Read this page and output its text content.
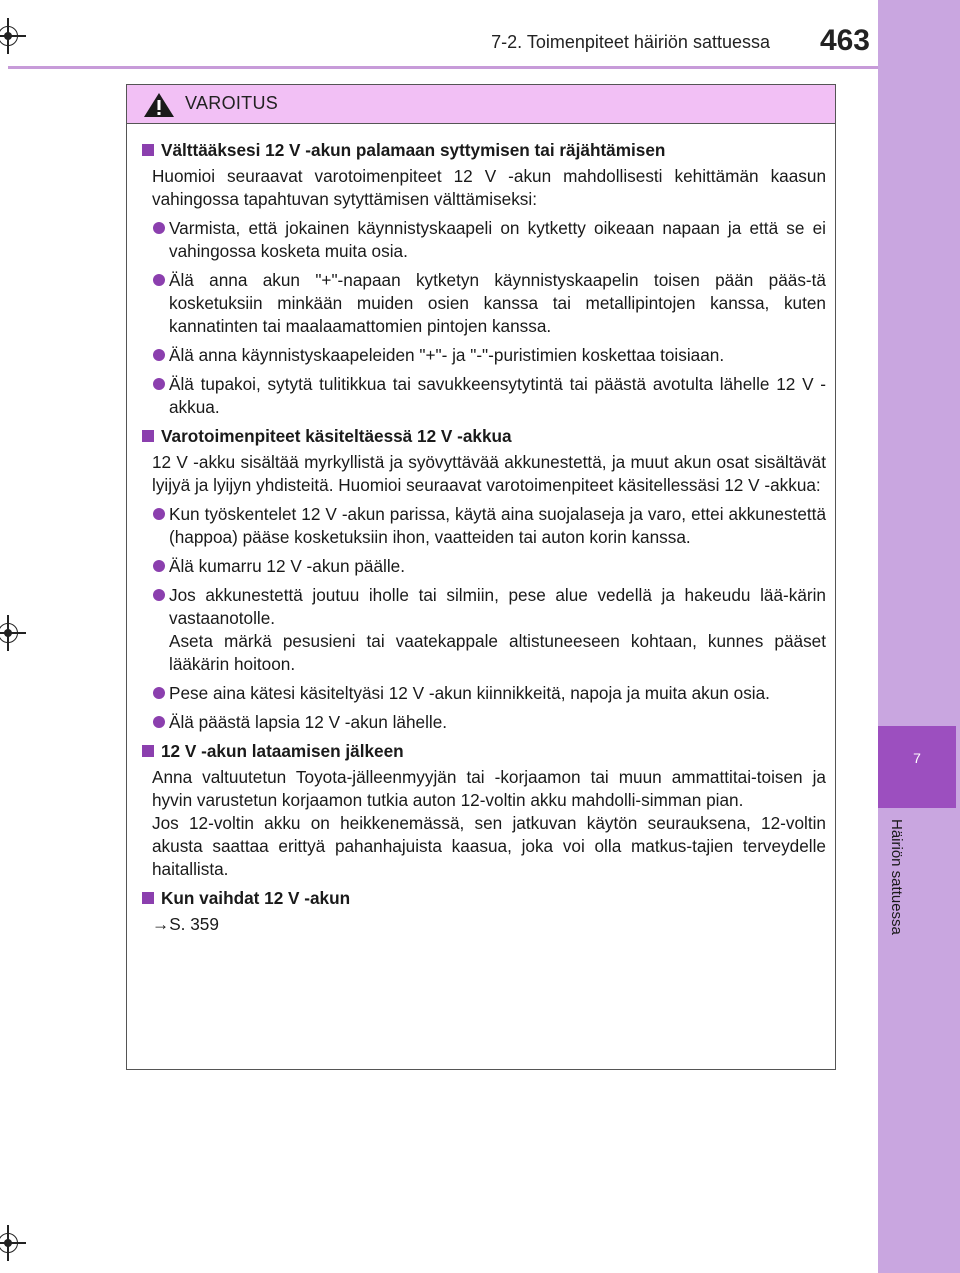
7
Häiriön sattuessa
7-2. Toimenpiteet häiriön sattuessa	463
VAROITUS
Välttääksesi 12 V -akun palamaan syttymisen tai räjähtämisen
Huomioi seuraavat varotoimenpiteet 12 V -akun mahdollisesti kehittämän kaasun vahingossa tapahtuvan sytyttämisen välttämiseksi:
Varmista, että jokainen käynnistyskaapeli on kytketty oikeaan napaan ja että se ei vahingossa kosketa muita osia.
Älä anna akun "+"-napaan kytketyn käynnistyskaapelin toisen pään pääs-tä kosketuksiin minkään muiden osien kanssa tai metallipintojen kanssa, kuten kannatinten tai maalaamattomien pintojen kanssa.
Älä anna käynnistyskaapeleiden "+"- ja "-"-puristimien koskettaa toisiaan.
Älä tupakoi, sytytä tulitikkua tai savukkeensytytintä tai päästä avotulta lähelle 12 V -akkua.
Varotoimenpiteet käsiteltäessä 12 V -akkua
12 V -akku sisältää myrkyllistä ja syövyttävää akkunestettä, ja muut akun osat sisältävät lyijyä ja lyijyn yhdisteitä. Huomioi seuraavat varotoimenpiteet käsitellessäsi 12 V -akkua:
Kun työskentelet 12 V -akun parissa, käytä aina suojalaseja ja varo, ettei akkunestettä (happoa) pääse kosketuksiin ihon, vaatteiden tai auton korin kanssa.
Älä kumarru 12 V -akun päälle.
Jos akkunestettä joutuu iholle tai silmiin, pese alue vedellä ja hakeudu lää-kärin vastaanotolle.
Aseta märkä pesusieni tai vaatekappale altistuneeseen kohtaan, kunnes pääset lääkärin hoitoon.
Pese aina kätesi käsiteltyäsi 12 V -akun kiinnikkeitä, napoja ja muita akun osia.
Älä päästä lapsia 12 V -akun lähelle.
12 V -akun lataamisen jälkeen
Anna valtuutetun Toyota-jälleenmyyjän tai -korjaamon tai muun ammattitai-toisen ja hyvin varustetun korjaamon tutkia auton 12-voltin akku mahdolli-simman pian.
Jos 12-voltin akku on heikkenemässä, sen jatkuvan käytön seurauksena, 12-voltin akusta saattaa erittyä pahanhajuista kaasua, joka voi olla matkus-tajien terveydelle haitallista.
Kun vaihdat 12 V -akun
→S. 359
